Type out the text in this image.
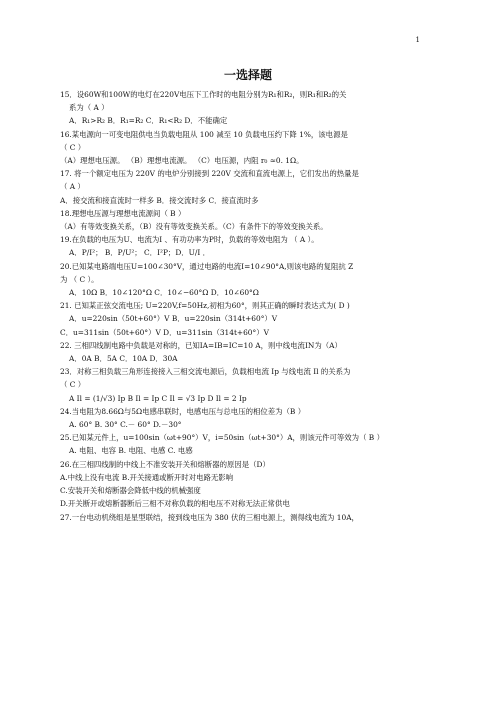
1
一选择题
15．设60W和100W的电灯在220V电压下工作时的电阻分别为R₁和R₂，则R₁和R₂的关
系为（ A ）
A．R₁>R₂ B．R₁=R₂ C．R₁<R₂ D．不能确定
16.某电源向一可变电阻供电当负载电阻从 100 减至 10 负载电压约下降 1%，该电源是
（ C ）
（A）理想电压源。 （B）理想电流源。 （C）电压源，内阻 r₀ ≈0. 1Ω。
17. 将一个额定电压为 220V 的电炉分别接到 220V 交流和直流电源上，它们发出的热量是
（ A ）
A．接交流和接直流时一样多 B．接交流时多 C．接直流时多
18.理想电压源与理想电流源间（ B ）
（A）有等效变换关系，（B）没有等效变换关系。（C）有条件下的等效变换关系。
19.在负载的电压为U、电流为I 、有功功率为P时，负载的等效电阻为 （ A ）。
A．P/I²； B．P/U²； C．I²P；D．U/I ．
20.已知某电路端电压U=100∠30°V，通过电路的电流I=10∠90°A,则该电路的复阻抗 Z
为 （ C ）。
A．10Ω B．10∠120°Ω C．10∠−60°Ω D．10∠60°Ω
21. 已知某正弦交流电压; U=220V,f=50Hz,初相为60°，则其正确的瞬时表达式为( D )
A．u=220sin（50t+60°）V B．u=220sin（314t+60°）V
C．u=311sin（50t+60°）V D．u=311sin（314t+60°）V
22. 三相四线制电路中负载是对称的，已知IA=IB=IC=10 A，则中线电流IN为（A）
A．0A B．5A C．10A D．30A
23．对称三相负载三角形连接接入三相交流电源后，负载相电流 Ip 与线电流 Il 的关系为
（ C ）
A Il = (1/√3) Ip B Il = Ip C Il = √3 Ip D Il = 2 Ip
24.当电阻为8.66Ω与5Ω电感串联时，电感电压与总电压的相位差为（B ）
A. 60° B. 30° C.－ 60° D.－30°
25.已知某元件上，u=100sin（ωt+90°）V，i=50sin（ωt+30°）A，则该元件可等效为（ B ）
A. 电阻、电容 B. 电阻、电感 C. 电感
26.在三相四线制的中线上不准安装开关和熔断器的原因是（D）
A.中线上没有电流 B.开关接通或断开时对电路无影响
C.安装开关和熔断器会降低中线的机械强度
D.开关断开或熔断器断后三相不对称负载的相电压不对称无法正常供电
27.一台电动机绕组是星型联结，接到线电压为 380 伏的三相电源上，测得线电流为 10A，
